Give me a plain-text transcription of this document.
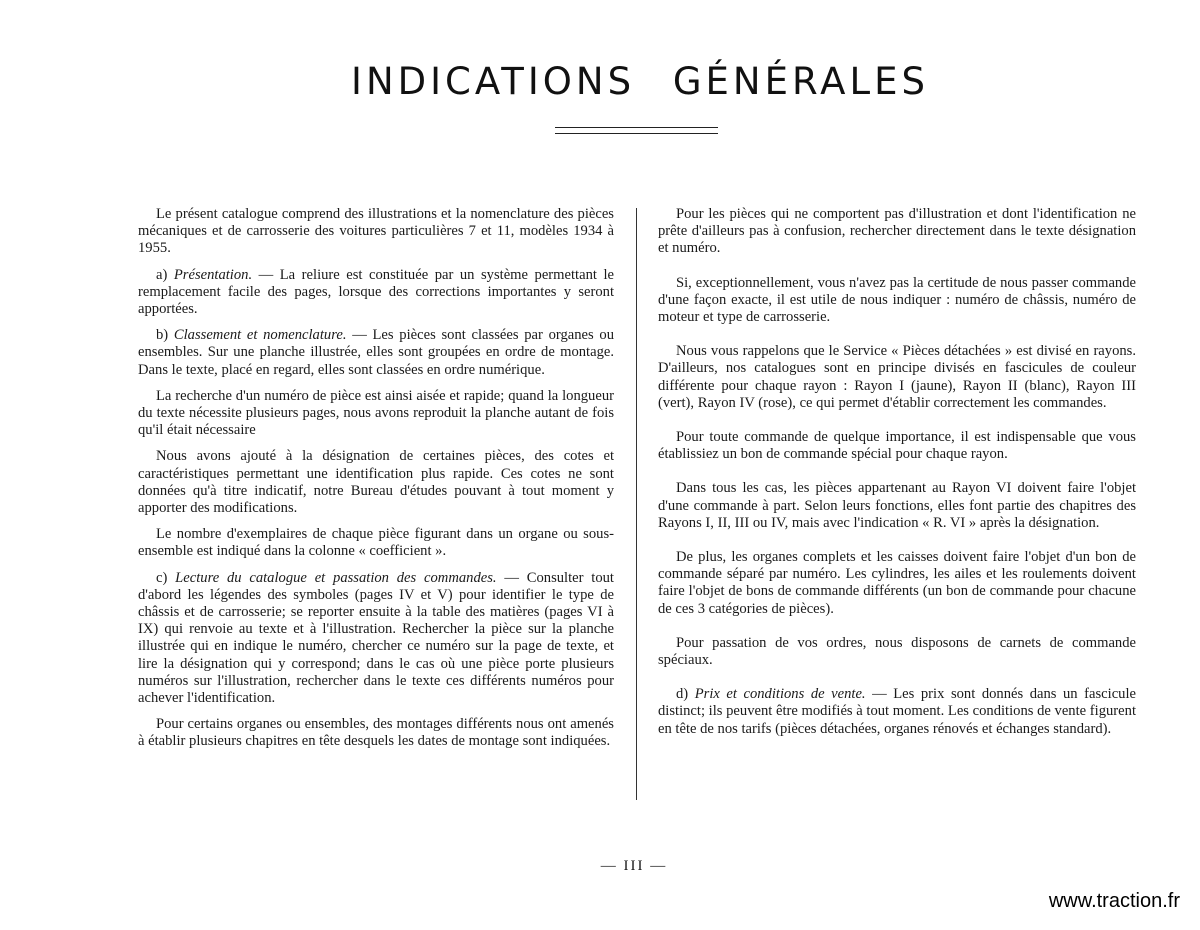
INDICATIONS GÉNÉRALES

Le présent catalogue comprend des illustrations et la nomenclature des pièces mécaniques et de carrosserie des voitures particulières 7 et 11, modèles 1934 à 1955.

a) Présentation. — La reliure est constituée par un système permettant le remplacement facile des pages, lorsque des corrections importantes y seront apportées.

b) Classement et nomenclature. — Les pièces sont classées par organes ou ensembles. Sur une planche illustrée, elles sont groupées en ordre de montage. Dans le texte, placé en regard, elles sont classées en ordre numérique.

La recherche d'un numéro de pièce est ainsi aisée et rapide; quand la longueur du texte nécessite plusieurs pages, nous avons reproduit la planche autant de fois qu'il était nécessaire

Nous avons ajouté à la désignation de certaines pièces, des cotes et caractéristiques permettant une identification plus rapide. Ces cotes ne sont données qu'à titre indicatif, notre Bureau d'études pouvant à tout moment y apporter des modifications.

Le nombre d'exemplaires de chaque pièce figurant dans un organe ou sous-ensemble est indiqué dans la colonne « coefficient ».

c) Lecture du catalogue et passation des commandes. — Consulter tout d'abord les légendes des symboles (pages IV et V) pour identifier le type de châssis et de carrosserie; se reporter ensuite à la table des matières (pages VI à IX) qui renvoie au texte et à l'illustration. Rechercher la pièce sur la planche illustrée qui en indique le numéro, chercher ce numéro sur la page de texte, et lire la désignation qui y correspond; dans le cas où une pièce porte plusieurs numéros sur l'illustration, rechercher dans le texte ces différents numéros pour achever l'identification.

Pour certains organes ou ensembles, des montages différents nous ont amenés à établir plusieurs chapitres en tête desquels les dates de montage sont indiquées.

Pour les pièces qui ne comportent pas d'illustration et dont l'identification ne prête d'ailleurs pas à confusion, rechercher directement dans le texte désignation et numéro.

Si, exceptionnellement, vous n'avez pas la certitude de nous passer commande d'une façon exacte, il est utile de nous indiquer : numéro de châssis, numéro de moteur et type de carrosserie.

Nous vous rappelons que le Service « Pièces détachées » est divisé en rayons. D'ailleurs, nos catalogues sont en principe divisés en fascicules de couleur différente pour chaque rayon : Rayon I (jaune), Rayon II (blanc), Rayon III (vert), Rayon IV (rose), ce qui permet d'établir correctement les commandes.

Pour toute commande de quelque importance, il est indispensable que vous établissiez un bon de commande spécial pour chaque rayon.

Dans tous les cas, les pièces appartenant au Rayon VI doivent faire l'objet d'une commande à part. Selon leurs fonctions, elles font partie des chapitres des Rayons I, II, III ou IV, mais avec l'indication « R. VI » après la désignation.

De plus, les organes complets et les caisses doivent faire l'objet d'un bon de commande séparé par numéro. Les cylindres, les ailes et les roulements doivent faire l'objet de bons de commande différents (un bon de commande pour chacune de ces 3 catégories de pièces).

Pour passation de vos ordres, nous disposons de carnets de commande spéciaux.

d) Prix et conditions de vente. — Les prix sont donnés dans un fascicule distinct; ils peuvent être modifiés à tout moment. Les conditions de vente figurent en tête de nos tarifs (pièces détachées, organes rénovés et échanges standard).

— III —
www.traction.fr
